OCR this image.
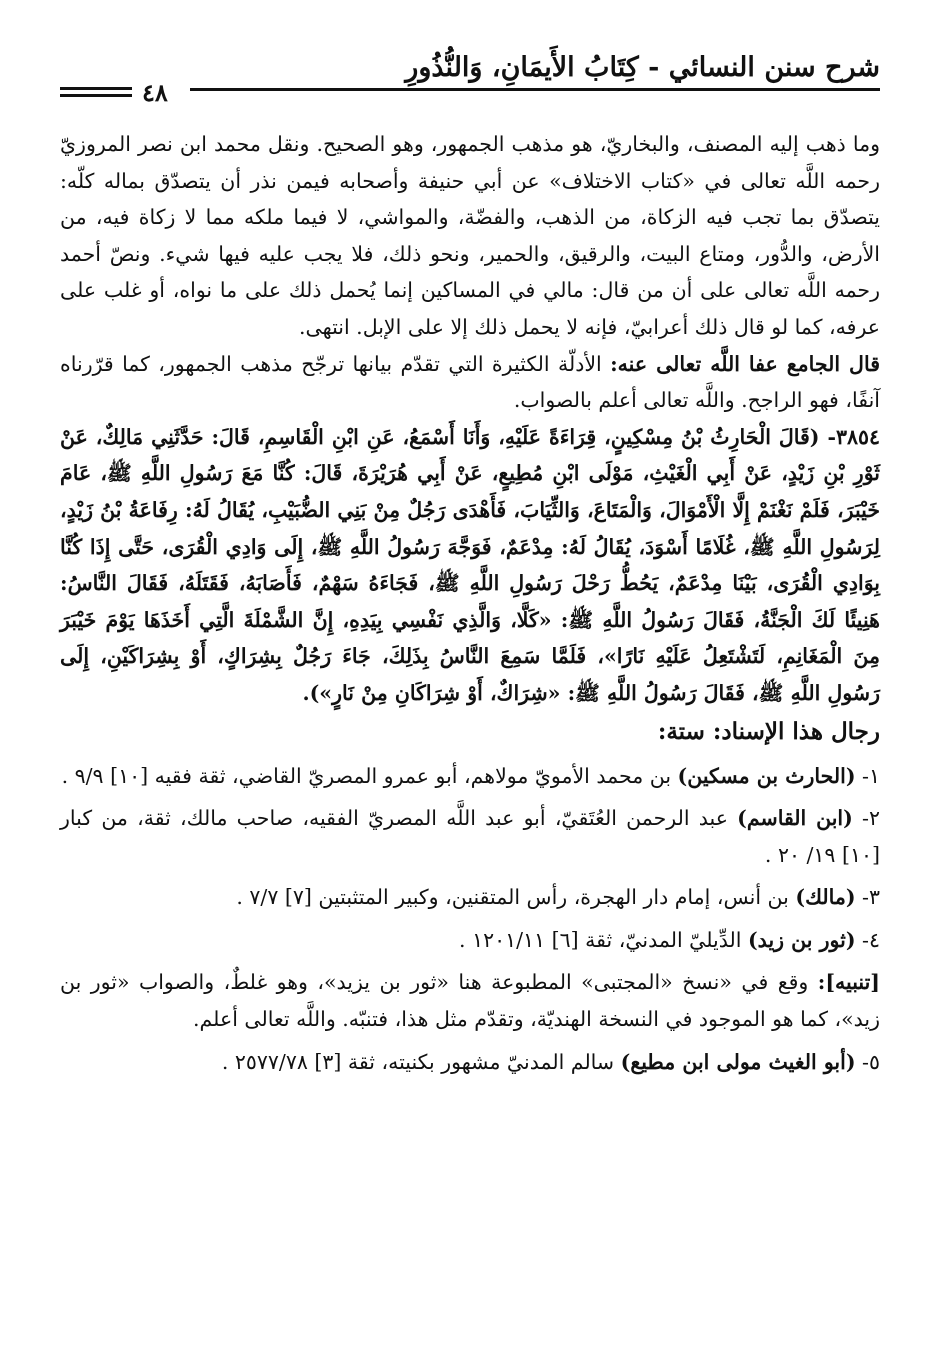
شرح سنن النسائي - كِتَابُ الأَيمَانِ، وَالنُّذُورِ
٤٨

وما ذهب إليه المصنف، والبخاريّ، هو مذهب الجمهور، وهو الصحيح. ونقل محمد ابن نصر المروزيّ رحمه اللَّه تعالى في «كتاب الاختلاف» عن أبي حنيفة وأصحابه فيمن نذر أن يتصدّق بماله كلّه: يتصدّق بما تجب فيه الزكاة، من الذهب، والفضّة، والمواشي، لا فيما ملكه مما لا زكاة فيه، من الأرض، والدُّور، ومتاع البيت، والرقيق، والحمير، ونحو ذلك، فلا يجب عليه فيها شيء. ونصّ أحمد رحمه اللَّه تعالى على أن من قال: مالي في المساكين إنما يُحمل ذلك على ما نواه، أو غلب على عرفه، كما لو قال ذلك أعرابيّ، فإنه لا يحمل ذلك إلا على الإبل. انتهى.

قال الجامع عفا اللَّه تعالى عنه: الأدلّة الكثيرة التي تقدّم بيانها ترجّح مذهب الجمهور، كما قرّرناه آنفًا، فهو الراجح. واللَّه تعالى أعلم بالصواب.

٣٨٥٤- (قَالَ الْحَارِثُ بْنُ مِسْكِينٍ، قِرَاءَةً عَلَيْهِ، وَأَنَا أَسْمَعُ، عَنِ ابْنِ الْقَاسِمِ، قَالَ: حَدَّثَنِي مَالِكٌ، عَنْ ثَوْرِ بْنِ زَيْدٍ، عَنْ أَبِي الْغَيْثِ، مَوْلَى ابْنِ مُطِيعٍ، عَنْ أَبِي هُرَيْرَةَ، قَالَ: كُنَّا مَعَ رَسُولِ اللَّهِ ﷺ، عَامَ خَيْبَرَ، فَلَمْ نَغْنَمْ إِلَّا الْأَمْوَالَ، وَالْمَتَاعَ، وَالثِّيَابَ، فَأَهْدَى رَجُلٌ مِنْ بَنِي الضُّبَيْبِ، يُقَالُ لَهُ: رِفَاعَةُ بْنُ زَيْدٍ، لِرَسُولِ اللَّهِ ﷺ، غُلَامًا أَسْوَدَ، يُقَالُ لَهُ: مِدْعَمٌ، فَوَجَّهَ رَسُولُ اللَّهِ ﷺ، إِلَى وَادِي الْقُرَى، حَتَّى إِذَا كُنَّا بِوَادِي الْقُرَى، بَيْنَا مِدْعَمٌ، يَحُطُّ رَحْلَ رَسُولِ اللَّهِ ﷺ، فَجَاءَهُ سَهْمٌ، فَأَصَابَهُ، فَقَتَلَهُ، فَقَالَ النَّاسُ: هَنِيئًا لَكَ الْجَنَّةُ، فَقَالَ رَسُولُ اللَّهِ ﷺ: «كَلَّا، وَالَّذِي نَفْسِي بِيَدِهِ، إِنَّ الشَّمْلَةَ الَّتِي أَخَذَهَا يَوْمَ خَيْبَرَ مِنَ الْمَغَانِمِ، لَتَشْتَعِلُ عَلَيْهِ نَارًا»، فَلَمَّا سَمِعَ النَّاسُ بِذَلِكَ، جَاءَ رَجُلٌ بِشِرَاكٍ، أَوْ بِشِرَاكَيْنِ، إِلَى رَسُولِ اللَّهِ ﷺ، فَقَالَ رَسُولُ اللَّهِ ﷺ: «شِرَاكٌ، أَوْ شِرَاكَانِ مِنْ نَارٍ»).

رجال هذا الإسناد: ستة:

١- (الحارث بن مسكين) بن محمد الأمويّ مولاهم، أبو عمرو المصريّ القاضي، ثقة فقيه [١٠] ٩/٩ .

٢- (ابن القاسم) عبد الرحمن العُتَقيّ، أبو عبد اللَّه المصريّ الفقيه، صاحب مالك، ثقة، من كبار [١٠] ١٩/ ٢٠ .

٣- (مالك) بن أنس، إمام دار الهجرة، رأس المتقنين، وكبير المتثبتين [٧] ٧/٧ .

٤- (ثور بن زيد) الدِّيليّ المدنيّ، ثقة [٦] ١٢٠١/١١ .

[تنبيه]: وقع في «نسخ «المجتبى» المطبوعة هنا «ثور بن يزيد»، وهو غلطٌ، والصواب «ثور بن زيد»، كما هو الموجود في النسخة الهنديّة، وتقدّم مثل هذا، فتنبّه. واللَّه تعالى أعلم.

٥- (أبو الغيث مولى ابن مطيع) سالم المدنيّ مشهور بكنيته، ثقة [٣] ٢٥٧٧/٧٨ .
